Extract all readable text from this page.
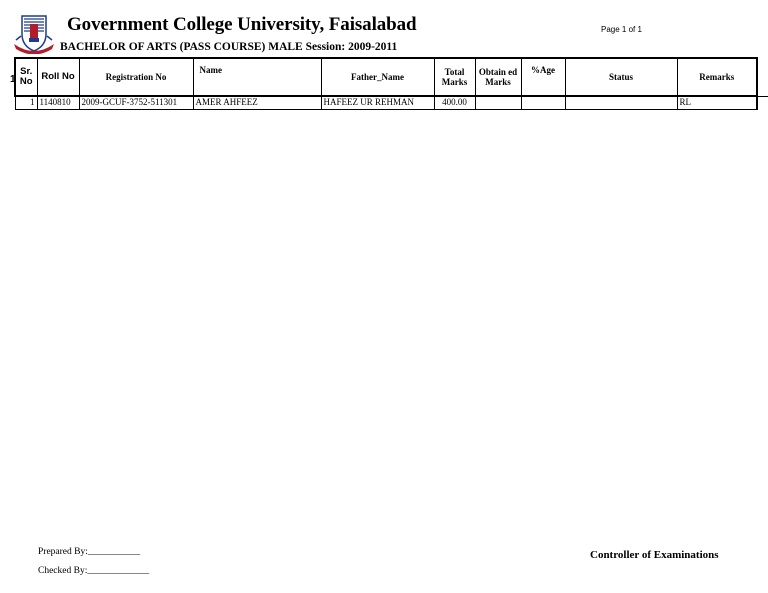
Government College University, Faisalabad	Page 1 of 1
BACHELOR OF ARTS (PASS COURSE) MALE Session: 2009-2011
1
Sr. No	Roll No	Registration No	Name	Father_Name	Total Marks	Obtain ed Marks	%Age	Status	Remarks
1	1140810	2009-GCUF-3752-511301	AMER AHFEEZ	HAFEEZ UR REHMAN	400.00				RL
Prepared By:___________
Checked By:_____________
Controller of Examinations
